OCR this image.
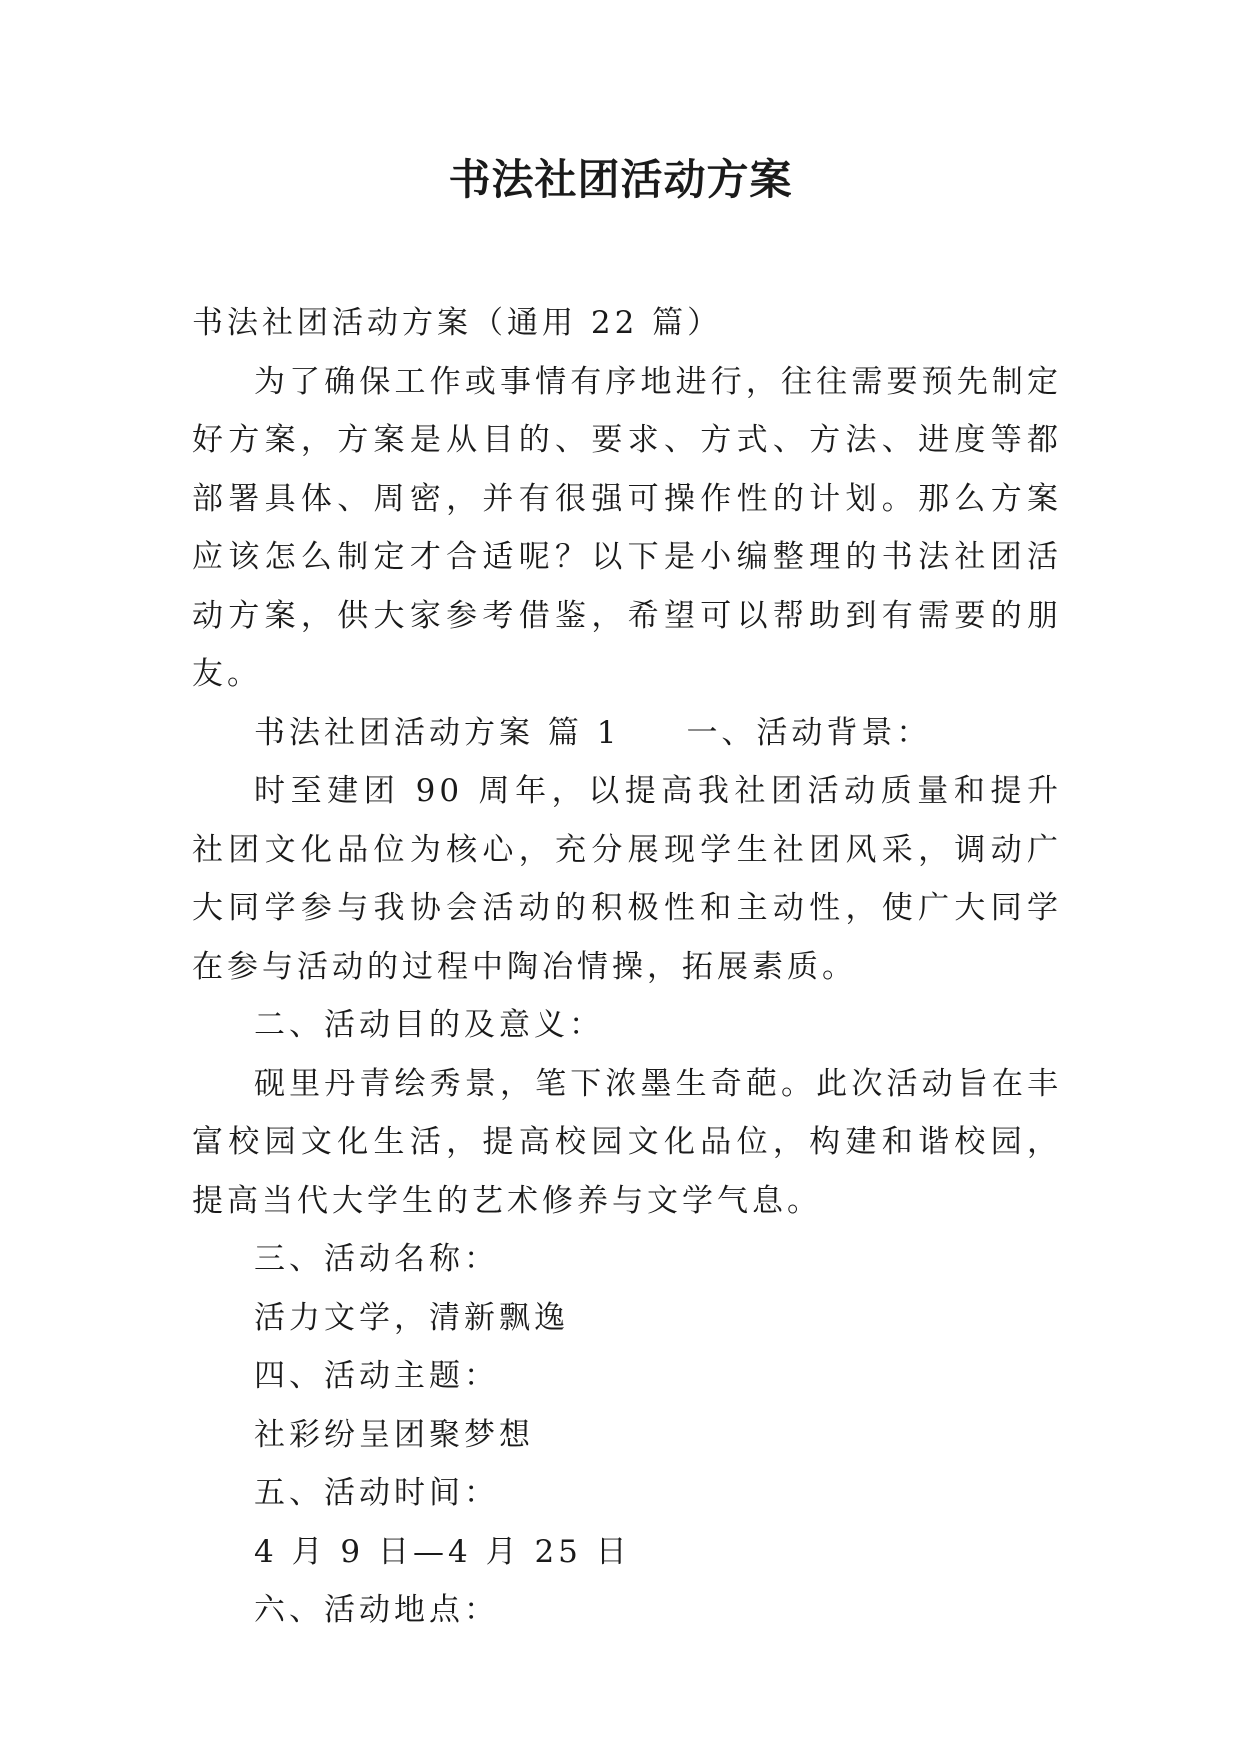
书法社团活动方案

书法社团活动方案（通用 22 篇）

为了确保工作或事情有序地进行，往往需要预先制定好方案，方案是从目的、要求、方式、方法、进度等都部署具体、周密，并有很强可操作性的计划。那么方案应该怎么制定才合适呢？以下是小编整理的书法社团活动方案，供大家参考借鉴，希望可以帮助到有需要的朋友。

书法社团活动方案 篇 1 一、活动背景：

时至建团 90 周年，以提高我社团活动质量和提升社团文化品位为核心，充分展现学生社团风采，调动广大同学参与我协会活动的积极性和主动性，使广大同学在参与活动的过程中陶冶情操，拓展素质。

二、活动目的及意义：

砚里丹青绘秀景，笔下浓墨生奇葩。此次活动旨在丰富校园文化生活，提高校园文化品位，构建和谐校园，提高当代大学生的艺术修养与文学气息。

三、活动名称：

活力文学，清新飘逸

四、活动主题：

社彩纷呈团聚梦想

五、活动时间：

4 月 9 日—4 月 25 日

六、活动地点：
